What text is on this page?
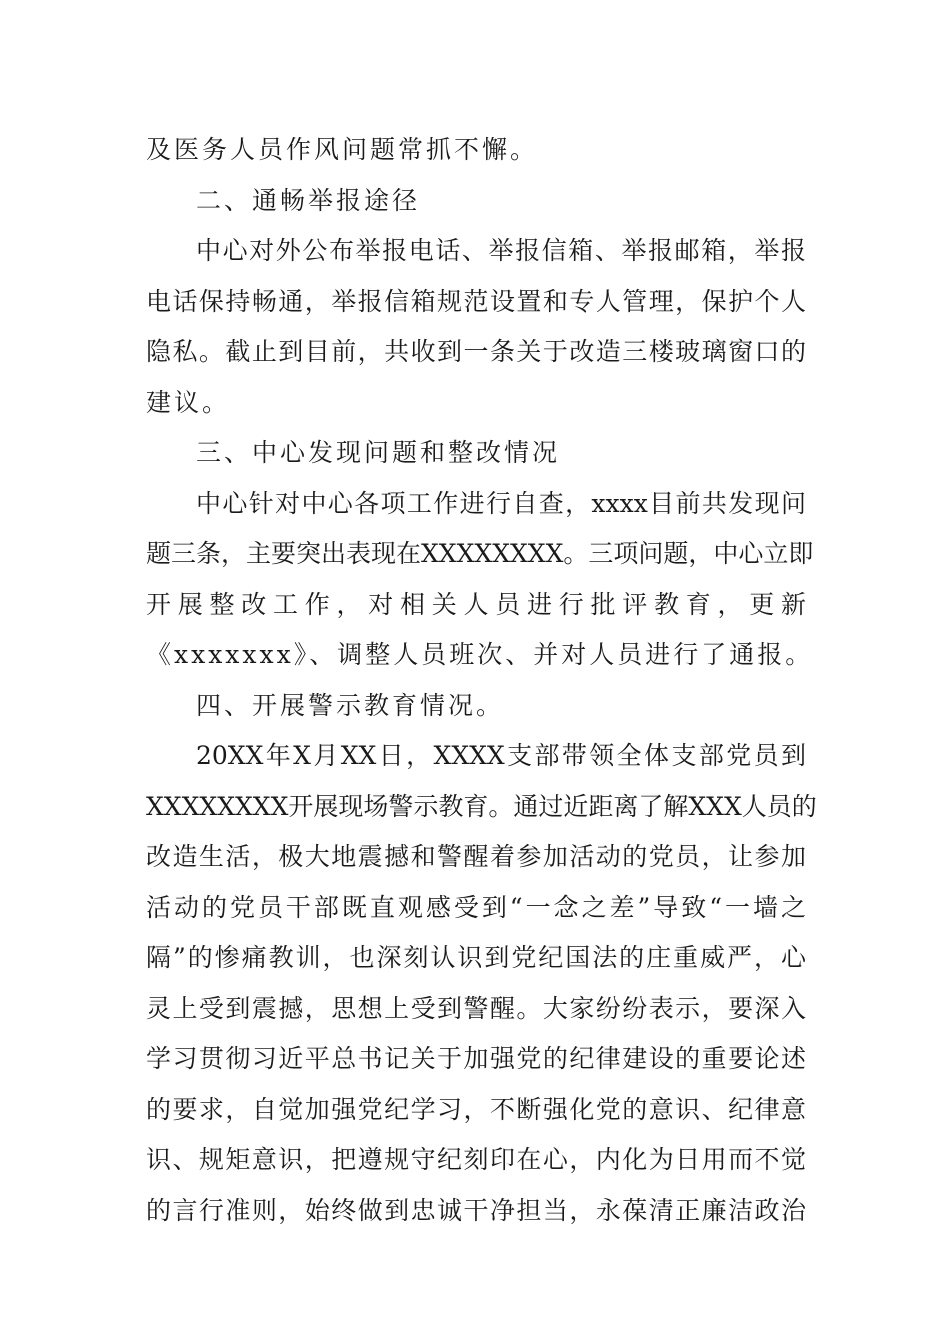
及医务人员作风问题常抓不懈。
二、通畅举报途径
中心对外公布举报电话、举报信箱、举报邮箱，举报
电话保持畅通，举报信箱规范设置和专人管理，保护个人
隐私。截止到目前，共收到一条关于改造三楼玻璃窗口的
建议。
三、中心发现问题和整改情况
中心针对中心各项工作进行自查，xxxx目前共发现问
题三条，主要突出表现在XXXXXXXX。三项问题，中心立即
开展整改工作，对相关人员进行批评教育，更新
《xxxxxxx》、调整人员班次、并对人员进行了通报。
四、开展警示教育情况。
20XX年X月XX日，XXXX支部带领全体支部党员到
XXXXXXXX开展现场警示教育。通过近距离了解XXX人员的
改造生活，极大地震撼和警醒着参加活动的党员，让参加
活动的党员干部既直观感受到“一念之差”导致“一墙之
隔”的惨痛教训，也深刻认识到党纪国法的庄重威严，心
灵上受到震撼，思想上受到警醒。大家纷纷表示，要深入
学习贯彻习近平总书记关于加强党的纪律建设的重要论述
的要求，自觉加强党纪学习，不断强化党的意识、纪律意
识、规矩意识，把遵规守纪刻印在心，内化为日用而不觉
的言行准则，始终做到忠诚干净担当，永葆清正廉洁政治
